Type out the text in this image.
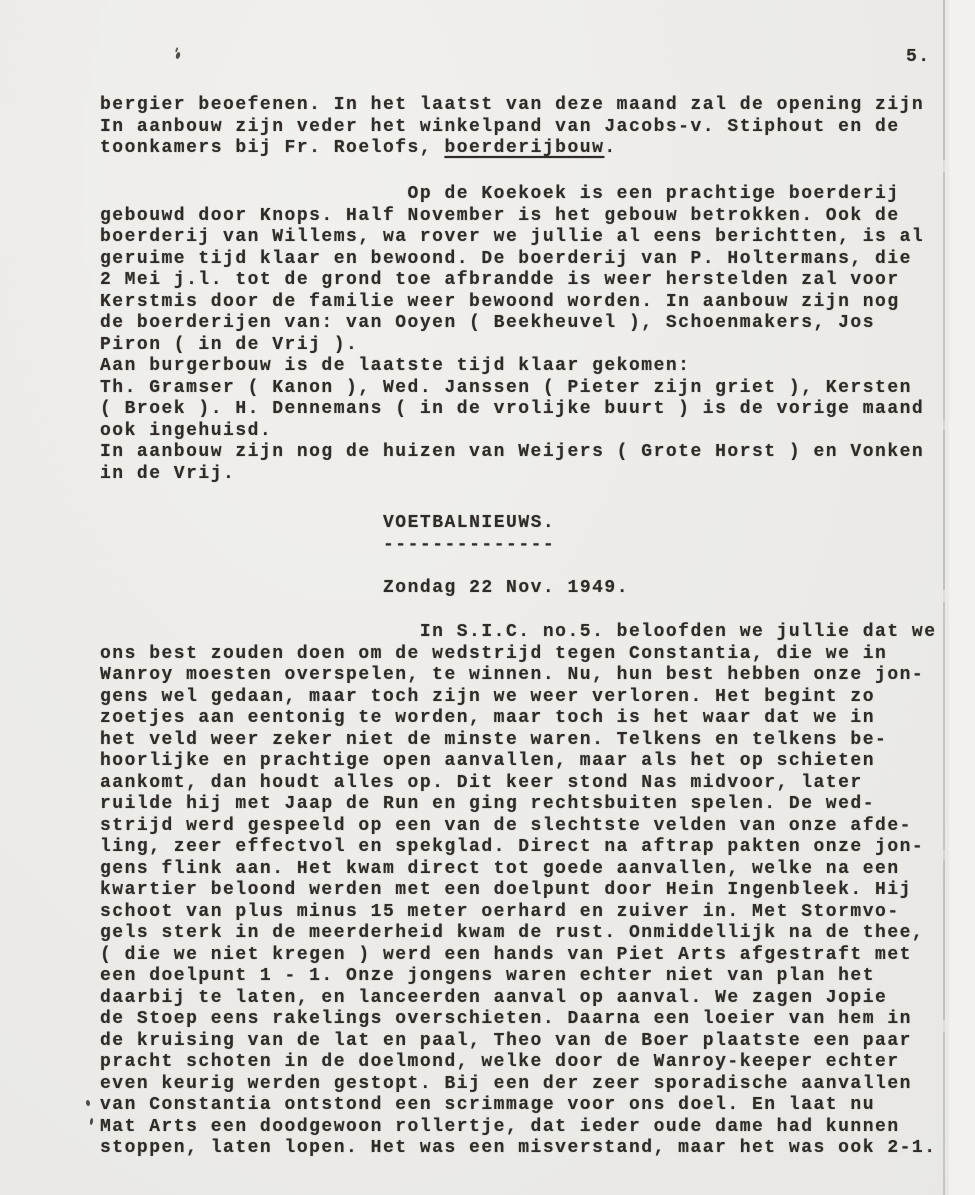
5.
bergier beoefenen. In het laatst van deze maand zal de opening zijn
In aanbouw zijn veder het winkelpand van Jacobs-v. Stiphout en de
toonkamers bij Fr. Roelofs, boerderijbouw.
Op de Koekoek is een prachtige boerderij
gebouwd door Knops. Half November is het gebouw betrokken. Ook de
boerderij van Willems, wa rover we jullie al eens berichtten, is al
geruime tijd klaar en bewoond. De boerderij van P. Holtermans, die
2 Mei j.l. tot de grond toe afbrandde is weer herstelden zal voor
Kerstmis door de familie weer bewoond worden. In aanbouw zijn nog
de boerderijen van: van Ooyen ( Beekheuvel ), Schoenmakers, Jos
Piron ( in de Vrij ).
Aan burgerbouw is de laatste tijd klaar gekomen:
Th. Gramser ( Kanon ), Wed. Janssen ( Pieter zijn griet ), Kersten
( Broek ). H. Dennemans ( in de vrolijke buurt ) is de vorige maand
ook ingehuisd.
In aanbouw zijn nog de huizen van Weijers ( Grote Horst ) en Vonken
in de Vrij.
VOETBALNIEUWS.
--------------
Zondag 22 Nov. 1949.
In S.I.C. no.5. beloofden we jullie dat we
ons best zouden doen om de wedstrijd tegen Constantia, die we in
Wanroy moesten overspelen, te winnen. Nu, hun best hebben onze jon-
gens wel gedaan, maar toch zijn we weer verloren. Het begint zo
zoetjes aan eentonig te worden, maar toch is het waar dat we in
het veld weer zeker niet de minste waren. Telkens en telkens be-
hoorlijke en prachtige open aanvallen, maar als het op schieten
aankomt, dan houdt alles op. Dit keer stond Nas midvoor, later
ruilde hij met Jaap de Run en ging rechtsbuiten spelen. De wed-
strijd werd gespeeld op een van de slechtste velden van onze afde-
ling, zeer effectvol en spekglad. Direct na aftrap pakten onze jon-
gens flink aan. Het kwam direct tot goede aanvallen, welke na een
kwartier beloond werden met een doelpunt door Hein Ingenbleek. Hij
schoot van plus minus 15 meter oerhard en zuiver in. Met Stormvo-
gels sterk in de meerderheid kwam de rust. Onmiddellijk na de thee,
( die we niet kregen ) werd een hands van Piet Arts afgestraft met
een doelpunt 1 - 1. Onze jongens waren echter niet van plan het
daarbij te laten, en lanceerden aanval op aanval. We zagen Jopie
de Stoep eens rakelings overschieten. Daarna een loeier van hem in
de kruising van de lat en paal, Theo van de Boer plaatste een paar
pracht schoten in de doelmond, welke door de Wanroy-keeper echter
even keurig werden gestopt. Bij een der zeer sporadische aanvallen
van Constantia ontstond een scrimmage voor ons doel. En laat nu
Mat Arts een doodgewoon rollertje, dat ieder oude dame had kunnen
stoppen, laten lopen. Het was een misverstand, maar het was ook 2-1.
